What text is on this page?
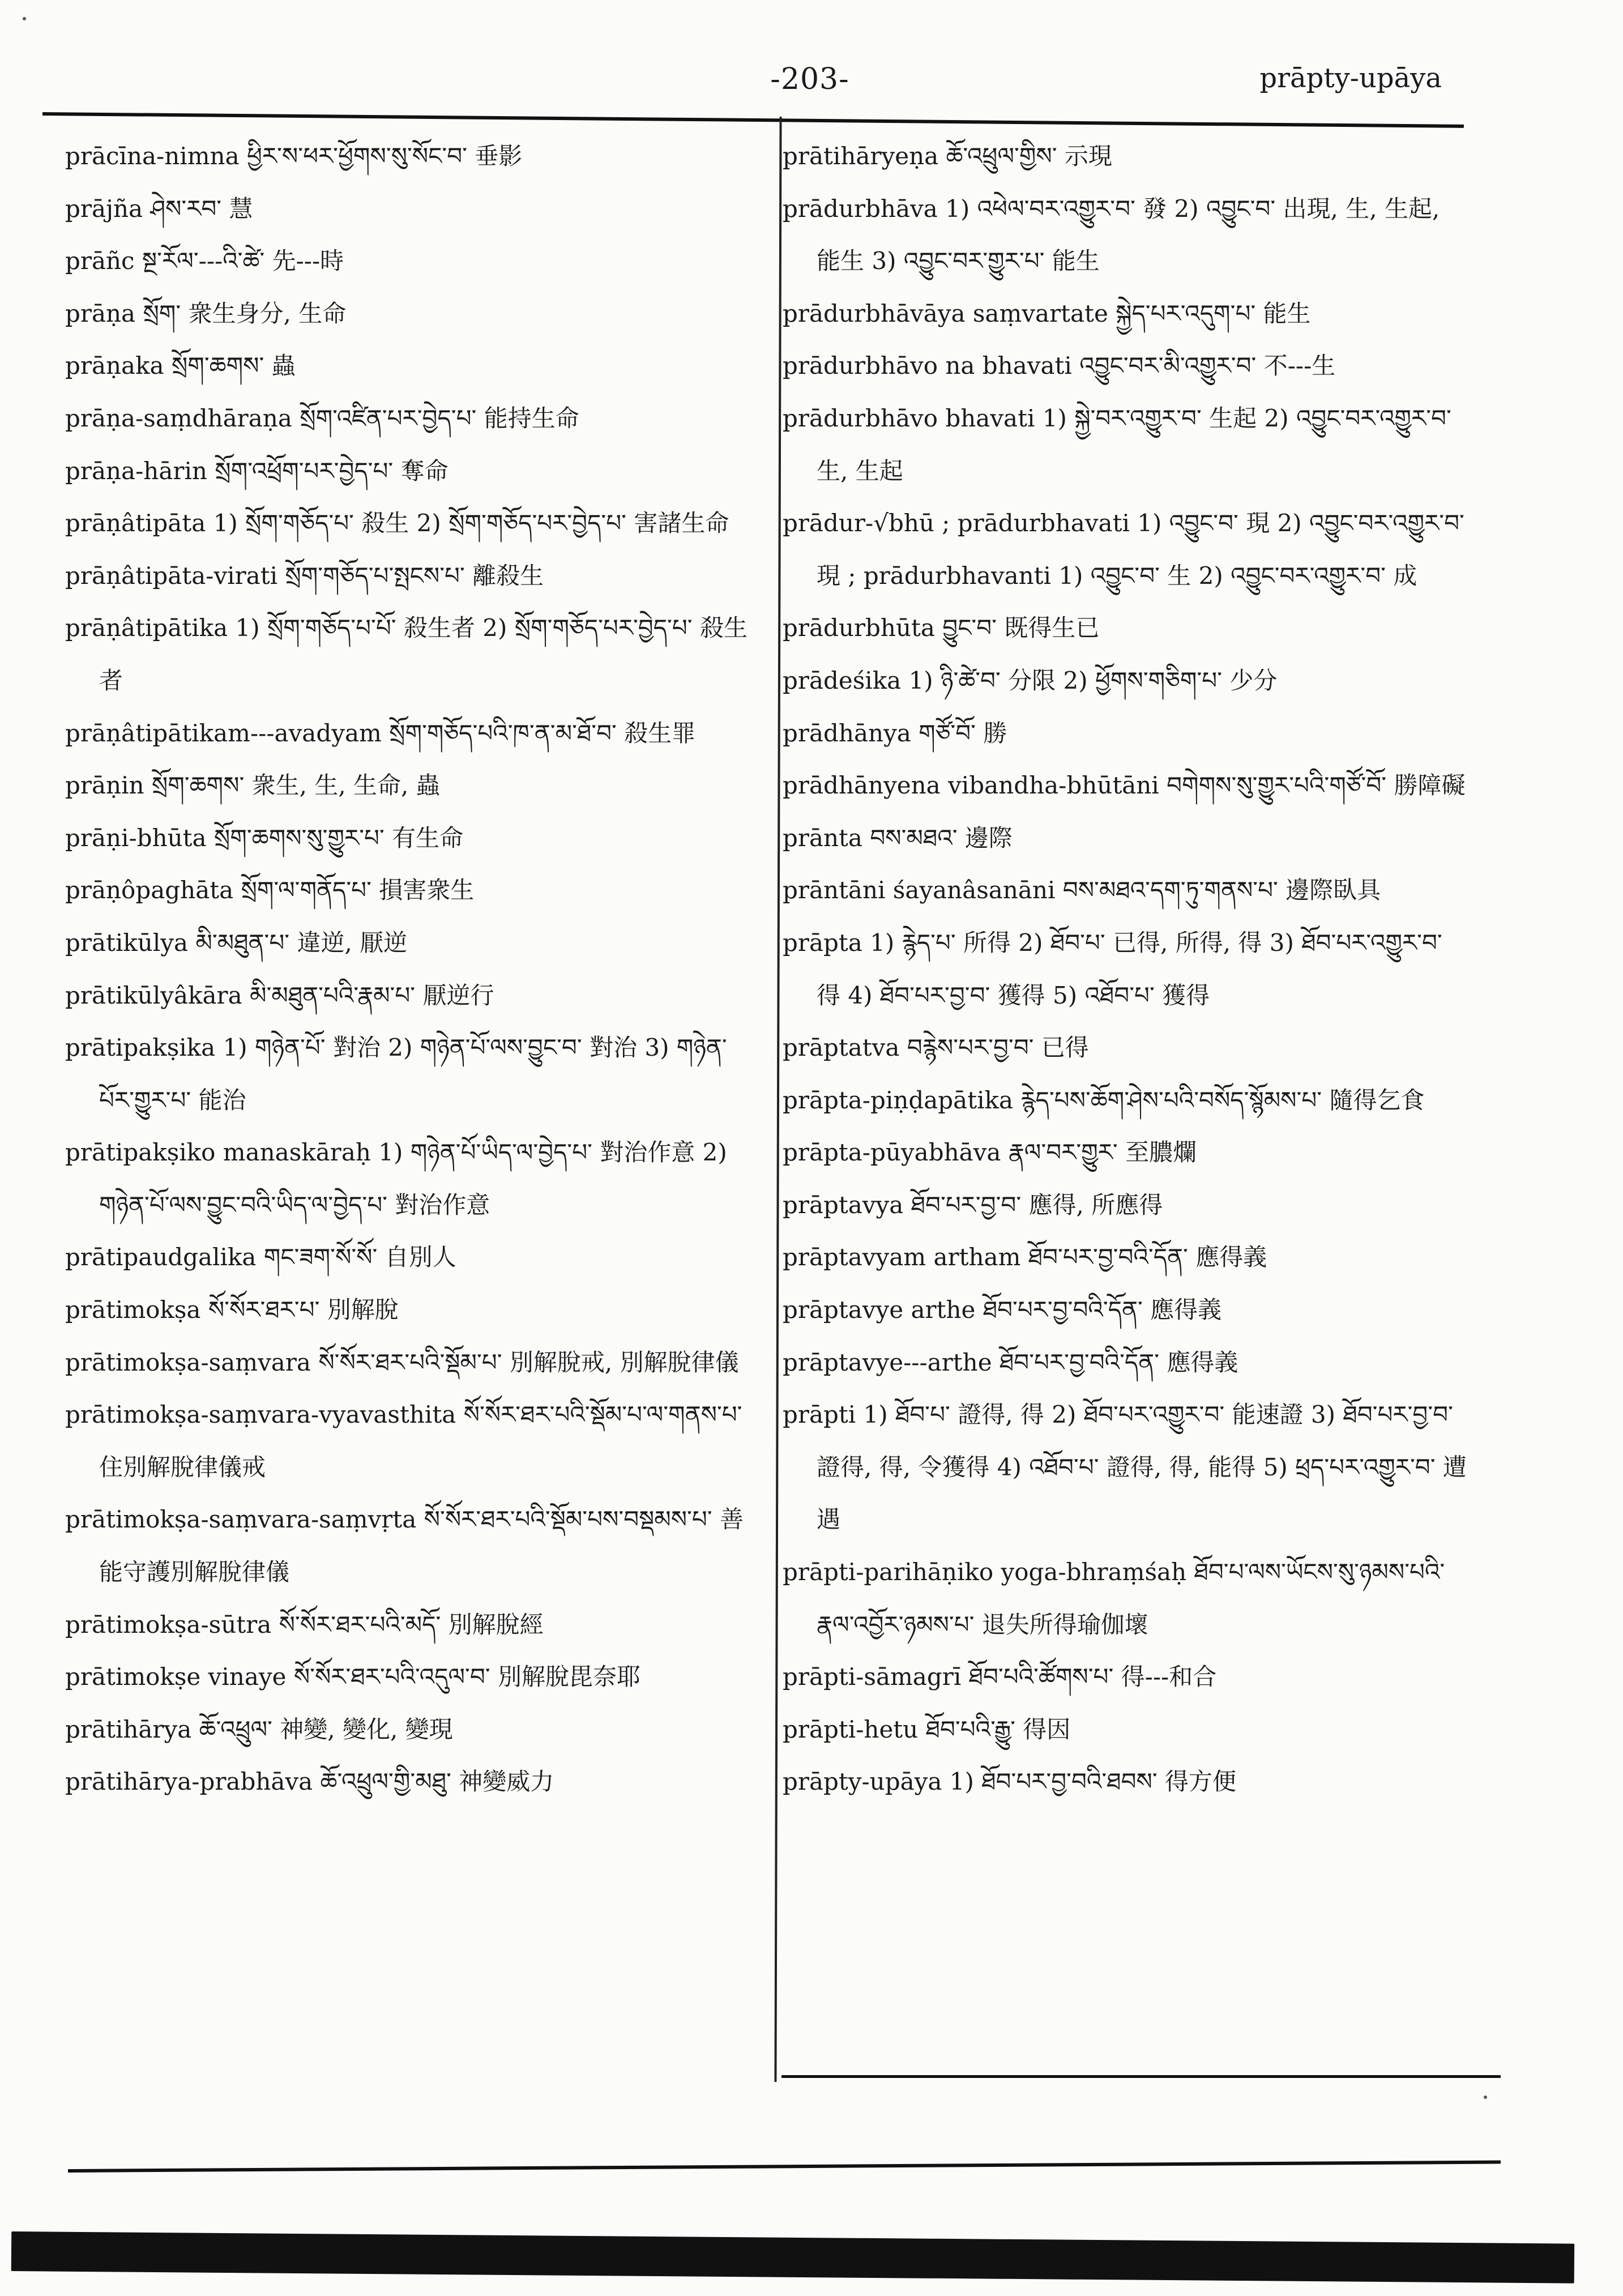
-203-	prāpty-upāya

prācīna-nimna ཕྱིར་ས་ཕར་ཕྱོགས་སུ་སོང་བ་ 垂影

prājña ཤེས་རབ་ 慧

prāñc སྔ་རོལ་---འི་ཚེ་ 先---時

prāṇa སྲོག་ 衆生身分, 生命

prāṇaka སྲོག་ཆགས་ 蟲

prāṇa-saṃdhāraṇa སྲོག་འཛིན་པར་བྱེད་པ་ 能持生命

prāṇa-hārin སྲོག་འཕྲོག་པར་བྱེད་པ་ 奪命

prāṇâtipāta 1) སྲོག་གཅོད་པ་ 殺生 2) སྲོག་གཅོད་པར་བྱེད་པ་ 害諸生命

prāṇâtipāta-virati སྲོག་གཅོད་པ་སྤངས་པ་ 離殺生

prāṇâtipātika 1) སྲོག་གཅོད་པ་པོ་ 殺生者 2) སྲོག་གཅོད་པར་བྱེད་པ་ 殺生者

prāṇâtipātikam---avadyam སྲོག་གཅོད་པའི་ཁ་ན་མ་ཐོ་བ་ 殺生罪

prāṇin སྲོག་ཆགས་ 衆生, 生, 生命, 蟲

prāṇi-bhūta སྲོག་ཆགས་སུ་གྱུར་པ་ 有生命

prāṇôpaghāta སྲོག་ལ་གནོད་པ་ 損害衆生

prātikūlya མི་མཐུན་པ་ 違逆, 厭逆

prātikūlyâkāra མི་མཐུན་པའི་རྣམ་པ་ 厭逆行

prātipakṣika 1) གཉེན་པོ་ 對治 2) གཉེན་པོ་ལས་བྱུང་བ་ 對治 3) གཉེན་པོར་གྱུར་པ་ 能治

prātipakṣiko manaskāraḥ 1) གཉེན་པོ་ཡིད་ལ་བྱེད་པ་ 對治作意 2) གཉེན་པོ་ལས་བྱུང་བའི་ཡིད་ལ་བྱེད་པ་ 對治作意

prātipaudgalika གང་ཟག་སོ་སོ་ 自別人

prātimokṣa སོ་སོར་ཐར་པ་ 別解脫

prātimokṣa-saṃvara སོ་སོར་ཐར་པའི་སྡོམ་པ་ 別解脫戒, 別解脫律儀

prātimokṣa-saṃvara-vyavasthita སོ་སོར་ཐར་པའི་སྡོམ་པ་ལ་གནས་པ་ 住別解脫律儀戒

prātimokṣa-saṃvara-saṃvṛta སོ་སོར་ཐར་པའི་སྡོམ་པས་བསྡམས་པ་ 善能守護別解脫律儀

prātimokṣa-sūtra སོ་སོར་ཐར་པའི་མདོ་ 別解脫經

prātimokṣe vinaye སོ་སོར་ཐར་པའི་འདུལ་བ་ 別解脫毘奈耶

prātihārya ཆོ་འཕྲུལ་ 神變, 變化, 變現

prātihārya-prabhāva ཆོ་འཕྲུལ་གྱི་མཐུ་ 神變威力

prātihāryeṇa ཆོ་འཕྲུལ་གྱིས་ 示現

prādurbhāva 1) འཕེལ་བར་འགྱུར་བ་ 發 2) འབྱུང་བ་ 出現, 生, 生起, 能生 3) འབྱུང་བར་གྱུར་པ་ 能生

prādurbhāvāya saṃvartate སྐྱེད་པར་འདུག་པ་ 能生

prādurbhāvo na bhavati འབྱུང་བར་མི་འགྱུར་བ་ 不---生

prādurbhāvo bhavati 1) སྐྱེ་བར་འགྱུར་བ་ 生起 2) འབྱུང་བར་འགྱུར་བ་ 生, 生起

prādur-√bhū ; prādurbhavati 1) འབྱུང་བ་ 現 2) འབྱུང་བར་འགྱུར་བ་ 現 ; prādurbhavanti 1) འབྱུང་བ་ 生 2) འབྱུང་བར་འགྱུར་བ་ 成

prādurbhūta བྱུང་བ་ 既得生已

prādeśika 1) ཉི་ཚེ་བ་ 分限 2) ཕྱོགས་གཅིག་པ་ 少分

prādhānya གཙོ་བོ་ 勝

prādhānyena vibandha-bhūtāni བགེགས་སུ་གྱུར་པའི་གཙོ་བོ་ 勝障礙

prānta བས་མཐའ་ 邊際

prāntāni śayanâsanāni བས་མཐའ་དག་ཏུ་གནས་པ་ 邊際臥具

prāpta 1) རྙེད་པ་ 所得 2) ཐོབ་པ་ 已得, 所得, 得 3) ཐོབ་པར་འགྱུར་བ་ 得 4) ཐོབ་པར་བྱ་བ་ 獲得 5) འཐོབ་པ་ 獲得

prāptatva བརྙེས་པར་བྱ་བ་ 已得

prāpta-piṇḍapātika རྙེད་པས་ཆོག་ཤེས་པའི་བསོད་སྙོམས་པ་ 隨得乞食

prāpta-pūyabhāva རྣལ་བར་གྱུར་ 至膿爛

prāptavya ཐོབ་པར་བྱ་བ་ 應得, 所應得

prāptavyam artham ཐོབ་པར་བྱ་བའི་དོན་ 應得義

prāptavye arthe ཐོབ་པར་བྱ་བའི་དོན་ 應得義

prāptavye---arthe ཐོབ་པར་བྱ་བའི་དོན་ 應得義

prāpti 1) ཐོབ་པ་ 證得, 得 2) ཐོབ་པར་འགྱུར་བ་ 能速證 3) ཐོབ་པར་བྱ་བ་ 證得, 得, 令獲得 4) འཐོབ་པ་ 證得, 得, 能得 5) ཕྲད་པར་འགྱུར་བ་ 遭遇

prāpti-parihāṇiko yoga-bhraṃśaḥ ཐོབ་པ་ལས་ཡོངས་སུ་ཉམས་པའི་རྣལ་འབྱོར་ཉམས་པ་ 退失所得瑜伽壞

prāpti-sāmagrī ཐོབ་པའི་ཚོགས་པ་ 得---和合

prāpti-hetu ཐོབ་པའི་རྒྱུ་ 得因

prāpty-upāya 1) ཐོབ་པར་བྱ་བའི་ཐབས་ 得方便
